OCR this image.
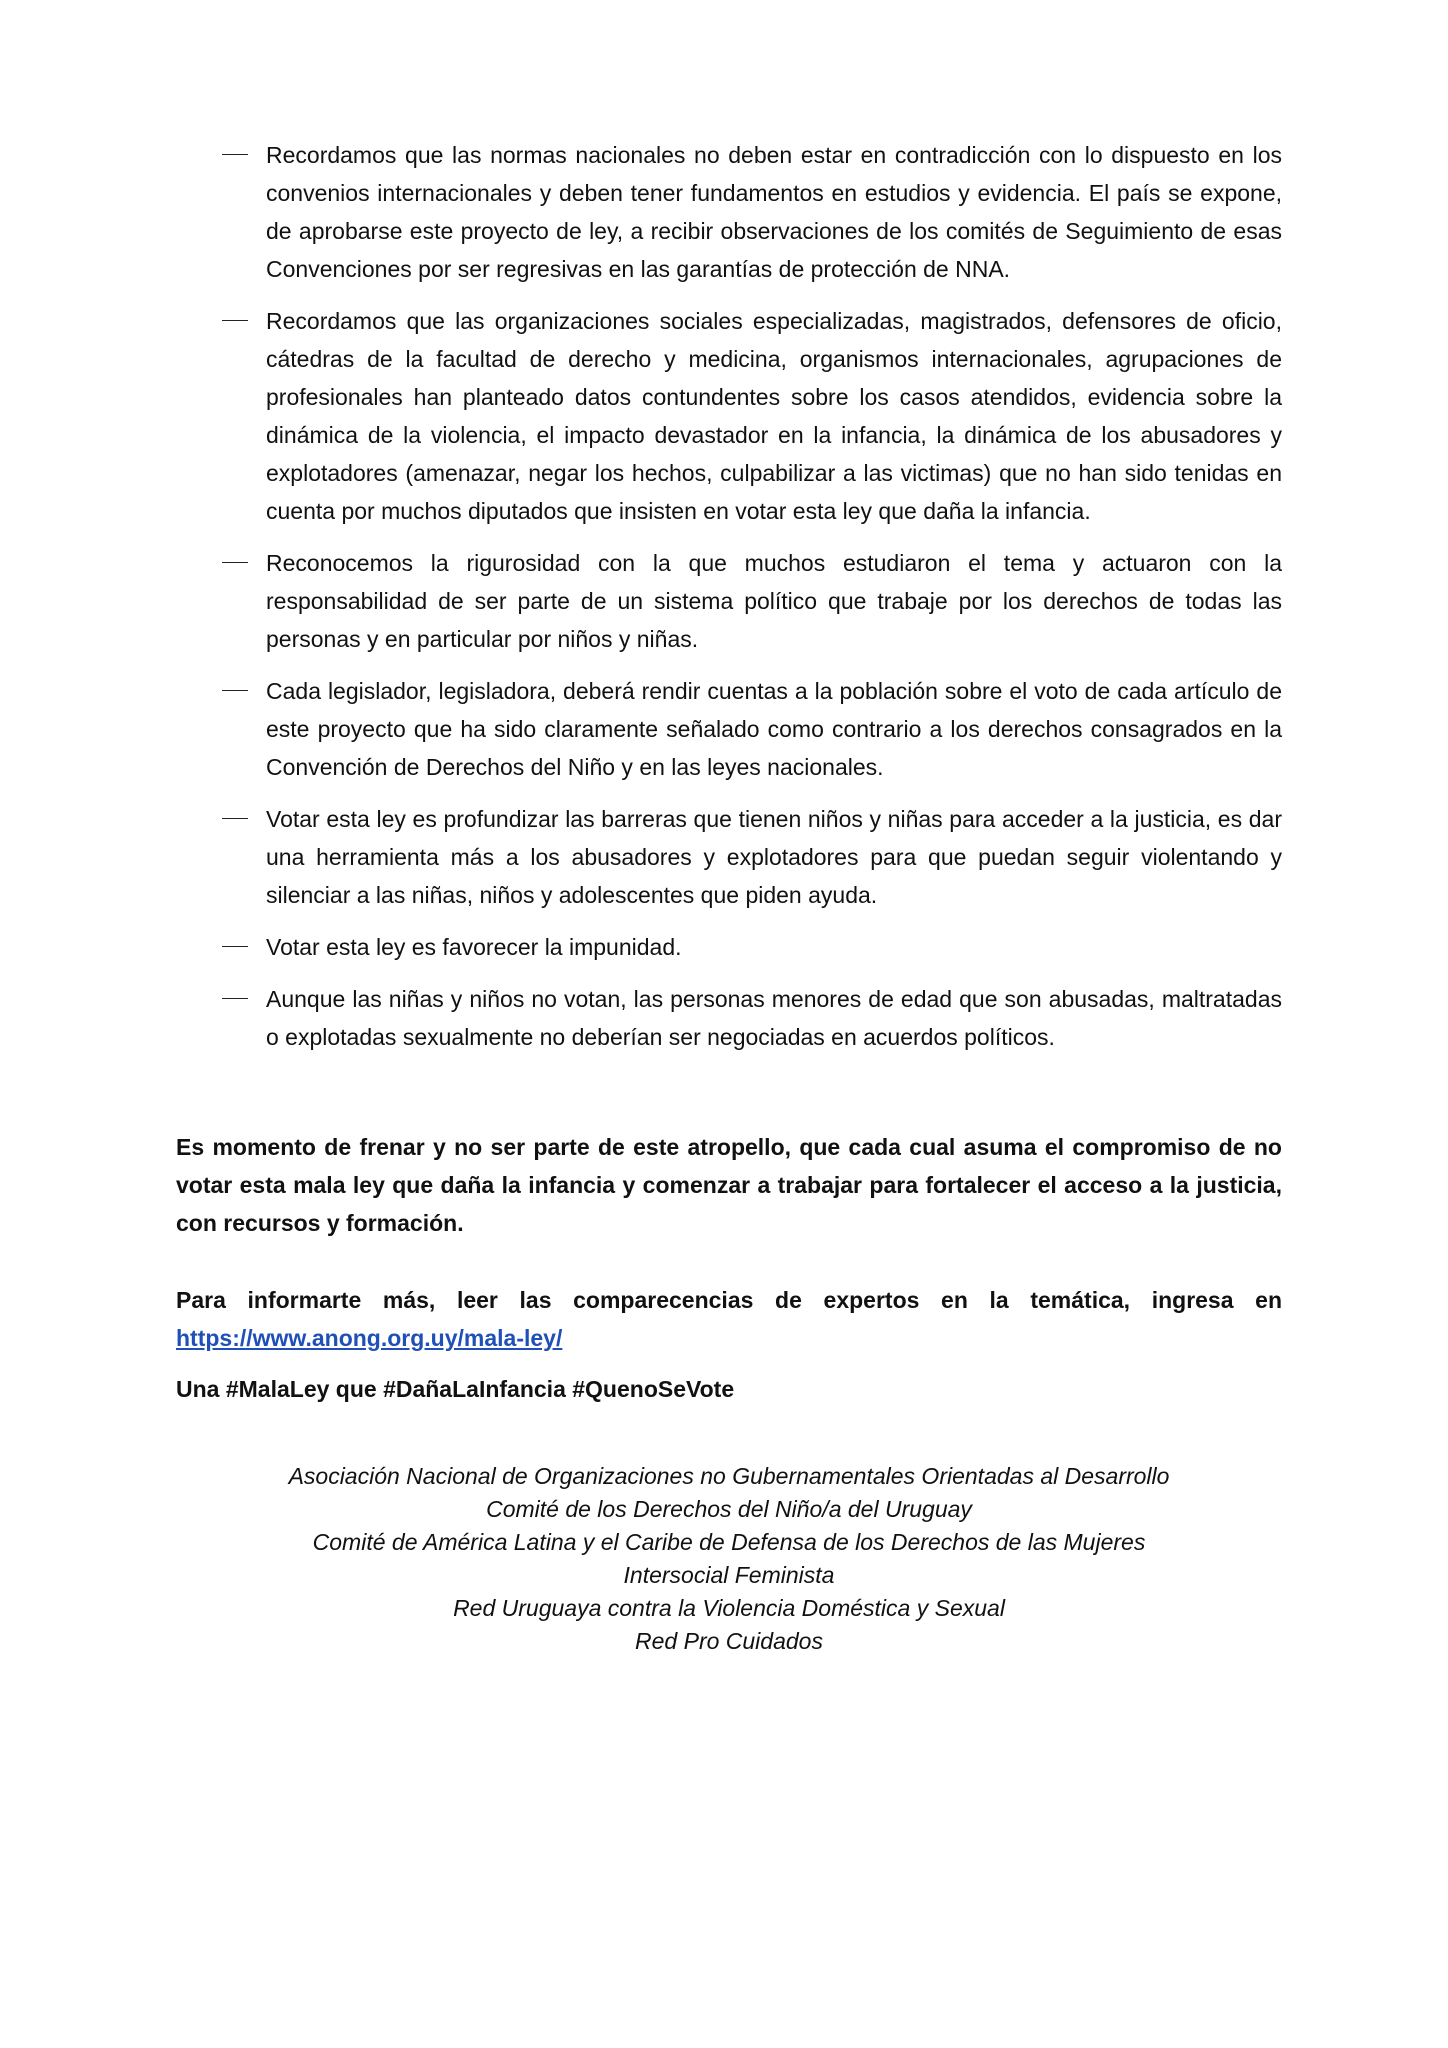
Recordamos que las normas nacionales no deben estar en contradicción con lo dispuesto en los convenios internacionales y deben tener fundamentos en estudios y evidencia. El país se expone, de aprobarse este proyecto de ley, a recibir observaciones de los comités de Seguimiento de esas Convenciones por ser regresivas en las garantías de protección de NNA.
Recordamos que las organizaciones sociales especializadas, magistrados, defensores de oficio, cátedras de la facultad de derecho y medicina, organismos internacionales, agrupaciones de profesionales han planteado datos contundentes sobre los casos atendidos, evidencia sobre la dinámica de la violencia, el impacto devastador en la infancia, la dinámica de los abusadores y explotadores (amenazar, negar los hechos, culpabilizar a las victimas) que no han sido tenidas en cuenta por muchos diputados que insisten en votar esta ley que daña la infancia.
Reconocemos la rigurosidad con la que muchos estudiaron el tema y actuaron con la responsabilidad de ser parte de un sistema político que trabaje por los derechos de todas las personas y en particular por niños y niñas.
Cada legislador, legisladora, deberá rendir cuentas a la población sobre el voto de cada artículo de este proyecto que ha sido claramente señalado como contrario a los derechos consagrados en la Convención de Derechos del Niño y en las leyes nacionales.
Votar esta ley es profundizar las barreras que tienen niños y niñas para acceder a la justicia, es dar una herramienta más a los abusadores y explotadores para que puedan seguir violentando y silenciar a las niñas, niños y adolescentes que piden ayuda.
Votar esta ley es favorecer la impunidad.
Aunque las niñas y niños no votan, las personas menores de edad que son abusadas, maltratadas o explotadas sexualmente no deberían ser negociadas en acuerdos políticos.

Es momento de frenar y no ser parte de este atropello, que cada cual asuma el compromiso de no votar esta mala ley que daña la infancia y comenzar a trabajar para fortalecer el acceso a la justicia, con recursos y formación.

Para informarte más, leer las comparecencias de expertos en la temática, ingresa en https://www.anong.org.uy/mala-ley/

Una #MalaLey que #DañaLaInfancia #QuenoSeVote

Asociación Nacional de Organizaciones no Gubernamentales Orientadas al Desarrollo
Comité de los Derechos del Niño/a del Uruguay
Comité de América Latina y el Caribe de Defensa de los Derechos de las Mujeres
Intersocial Feminista
Red Uruguaya contra la Violencia Doméstica y Sexual
Red Pro Cuidados
